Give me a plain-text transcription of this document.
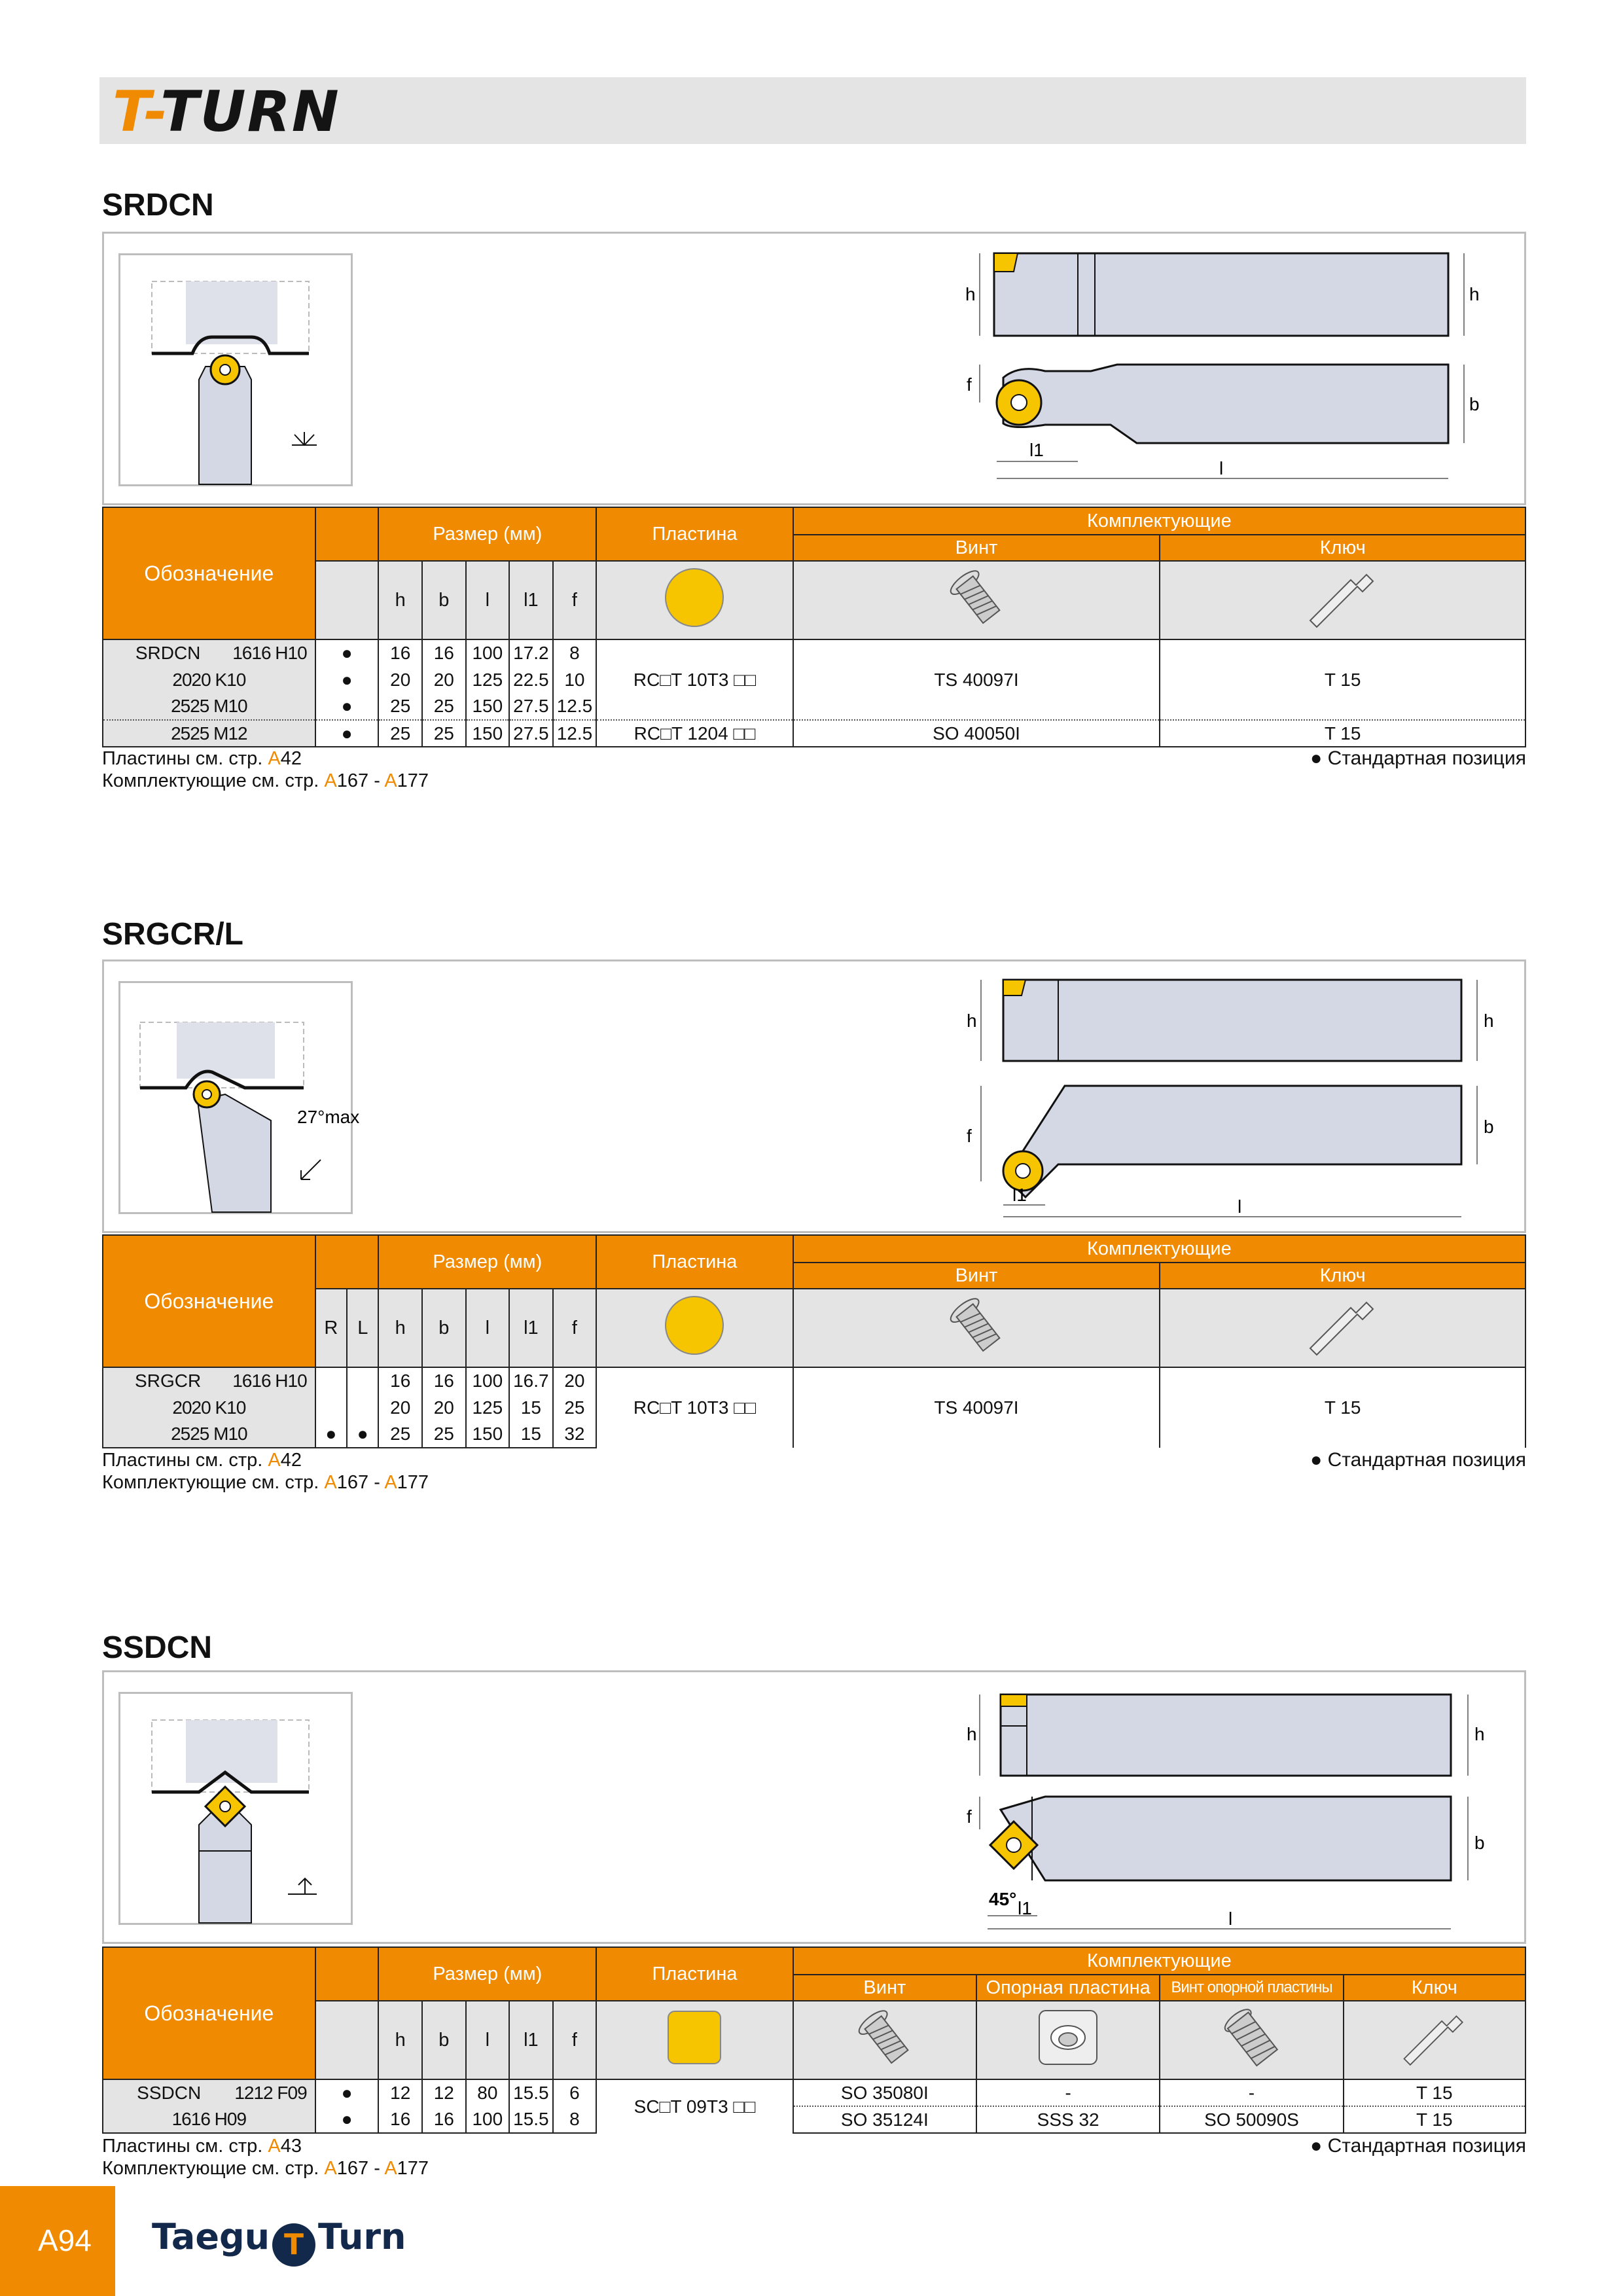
T-TURN
SRDCN
h	h
f
b
l1
l
Обозначение		Размер (мм)					Пластина	Комплектующие	
								Винт	Ключ
		h	b	l	l1	f			
SRDCN 1616 H10	●	16	16	100	17.2	8	RC□T 10T3 □□	TS 40097I	T 15
2020 K10	●	20	20	125	22.5	10			
2525 M10	●	25	25	150	27.5	12.5			
2525 M12	●	25	25	150	27.5	12.5	RC□T 1204 □□	SO 40050I	T 15
Пластины см. стр. A42
Комплектующие см. стр. A167 - A177
● Стандартная позиция
SRGCR/L
27°max
h	h
f	b
l1
l
Обозначение			Размер (мм)					Пластина	Комплектующие	
									Винт	Ключ
	R	L	h	b	l	l1	f			
SRGCR 1616 H10			16	16	100	16.7	20	RC□T 10T3 □□	TS 40097I	T 15
2020 K10			20	20	125	15	25			
2525 M10	●	●	25	25	150	15	32			
Пластины см. стр. A42
Комплектующие см. стр. A167 - A177
● Стандартная позиция
SSDCN
h	h
f
b
45° l1
l
Обозначение		Размер (мм)					Пластина	Комплектующие			
								Винт	Опорная пластина	Винт опорной пластины	Ключ
		h	b	l	l1	f					
SSDCN 1212 F09	●	12	12	80	15.5	6	SC□T 09T3 □□	SO 35080I	-	-	T 15
1616 H09	●	16	16	100	15.5	8		SO 35124I	SSS 32	SO 50090S	T 15
Пластины см. стр. A43
Комплектующие см. стр. A167 - A177
● Стандартная позиция
A94	Taegu T Turn
